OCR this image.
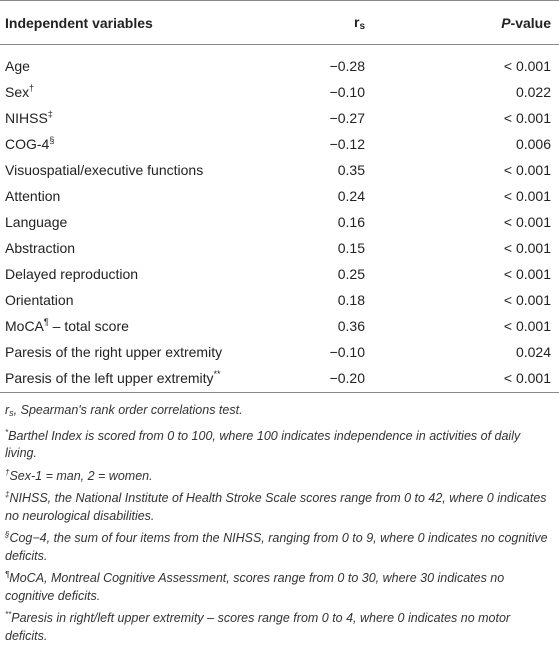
Independent variables	rs	P-value
Age	−0.28	< 0.001
Sex†	−0.10	0.022
NIHSS‡	−0.27	< 0.001
COG-4§	−0.12	0.006
Visuospatial/executive functions	0.35	< 0.001
Attention	0.24	< 0.001
Language	0.16	< 0.001
Abstraction	0.15	< 0.001
Delayed reproduction	0.25	< 0.001
Orientation	0.18	< 0.001
MoCA¶ – total score	0.36	< 0.001
Paresis of the right upper extremity	−0.10	0.024
Paresis of the left upper extremity**	−0.20	< 0.001
rs, Spearman's rank order correlations test.
*Barthel Index is scored from 0 to 100, where 100 indicates independence in activities of daily living.
†Sex-1 = man, 2 = women.
‡NIHSS, the National Institute of Health Stroke Scale scores range from 0 to 42, where 0 indicates no neurological disabilities.
§Cog−4, the sum of four items from the NIHSS, ranging from 0 to 9, where 0 indicates no cognitive deficits.
¶MoCA, Montreal Cognitive Assessment, scores range from 0 to 30, where 30 indicates no cognitive deficits.
**Paresis in right/left upper extremity – scores range from 0 to 4, where 0 indicates no motor deficits.
